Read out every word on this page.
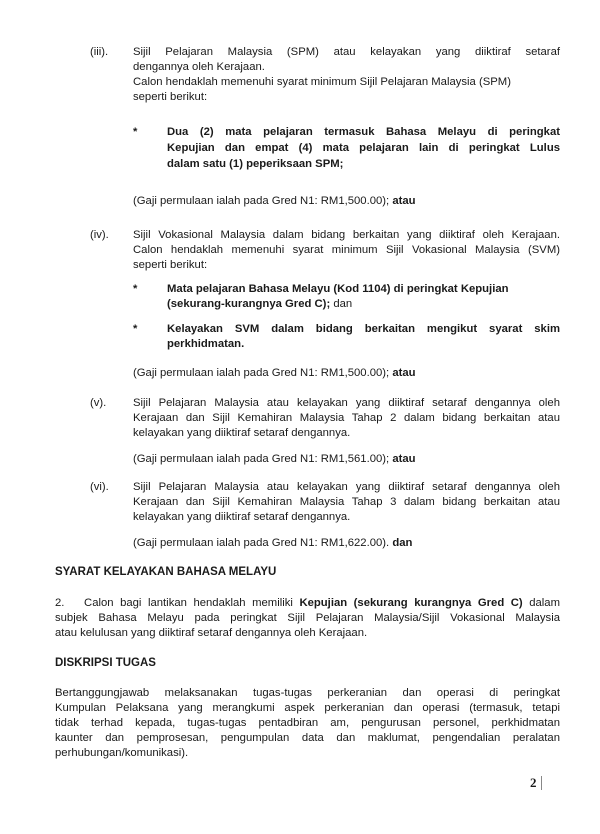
(iii). Sijil Pelajaran Malaysia (SPM) atau kelayakan yang diiktiraf setaraf
dengannya oleh Kerajaan.
Calon hendaklah memenuhi syarat minimum Sijil Pelajaran Malaysia (SPM)
seperti berikut:
*	Dua (2) mata pelajaran termasuk Bahasa Melayu di peringkat
Kepujian dan empat (4) mata pelajaran lain di peringkat Lulus
dalam satu (1) peperiksaan SPM;
(Gaji permulaan ialah pada Gred N1: RM1,500.00); atau
(iv). Sijil Vokasional Malaysia dalam bidang berkaitan yang diiktiraf oleh Kerajaan.
Calon hendaklah memenuhi syarat minimum Sijil Vokasional Malaysia (SVM)
seperti berikut:
*	Mata pelajaran Bahasa Melayu (Kod 1104) di peringkat Kepujian
(sekurang-kurangnya Gred C); dan
*	Kelayakan SVM dalam bidang berkaitan mengikut syarat skim
perkhidmatan.
(Gaji permulaan ialah pada Gred N1: RM1,500.00); atau
(v). Sijil Pelajaran Malaysia atau kelayakan yang diiktiraf setaraf dengannya oleh
Kerajaan dan Sijil Kemahiran Malaysia Tahap 2 dalam bidang berkaitan atau
kelayakan yang diiktiraf setaraf dengannya.
(Gaji permulaan ialah pada Gred N1: RM1,561.00); atau
(vi). Sijil Pelajaran Malaysia atau kelayakan yang diiktiraf setaraf dengannya oleh
Kerajaan dan Sijil Kemahiran Malaysia Tahap 3 dalam bidang berkaitan atau
kelayakan yang diiktiraf setaraf dengannya.
(Gaji permulaan ialah pada Gred N1: RM1,622.00). dan
SYARAT KELAYAKAN BAHASA MELAYU
2. Calon bagi lantikan hendaklah memiliki Kepujian (sekurang kurangnya Gred C) dalam
subjek Bahasa Melayu pada peringkat Sijil Pelajaran Malaysia/Sijil Vokasional Malaysia
atau kelulusan yang diiktiraf setaraf dengannya oleh Kerajaan.
DISKRIPSI TUGAS
Bertanggungjawab melaksanakan tugas-tugas perkeranian dan operasi di peringkat
Kumpulan Pelaksana yang merangkumi aspek perkeranian dan operasi (termasuk, tetapi
tidak terhad kepada, tugas-tugas pentadbiran am, pengurusan personel, perkhidmatan
kaunter dan pemprosesan, pengumpulan data dan maklumat, pengendalian peralatan
perhubungan/komunikasi).
2
